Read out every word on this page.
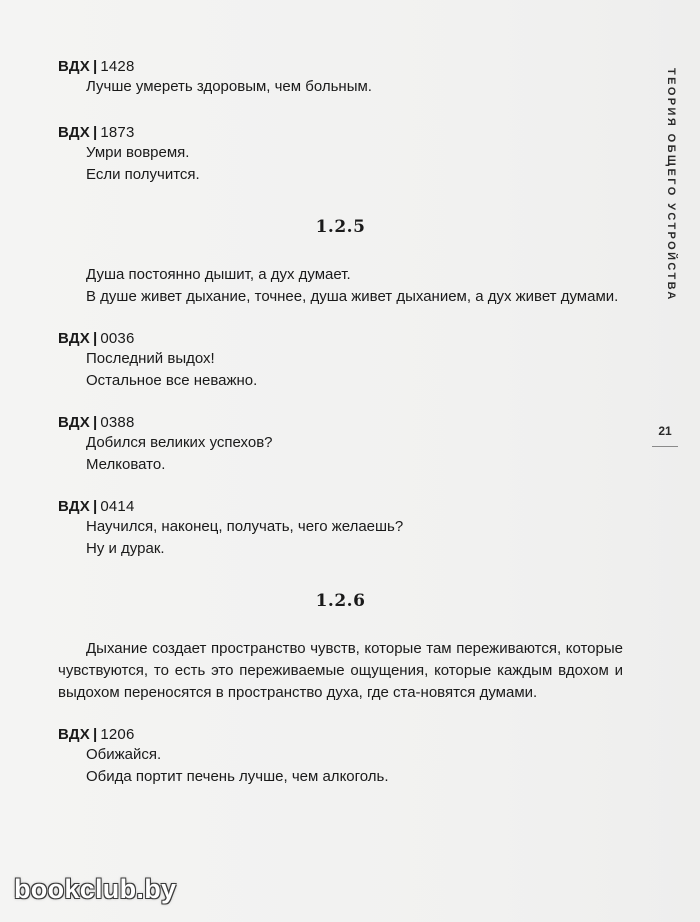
ВДХ | 1428
Лучше умереть здоровым, чем больным.
ВДХ | 1873
Умри вовремя.
Если получится.
1.2.5
Душа постоянно дышит, а дух думает.
В душе живет дыхание, точнее, душа живет дыханием, а дух живет думами.
ВДХ | 0036
Последний выдох!
Остальное все неважно.
ВДХ | 0388
Добился великих успехов?
Мелковато.
ВДХ | 0414
Научился, наконец, получать, чего желаешь?
Ну и дурак.
1.2.6
Дыхание создает пространство чувств, которые там переживаются, которые чувствуются, то есть это переживаемые ощущения, которые каждым вдохом и выдохом переносятся в пространство духа, где ста-новятся думами.
ВДХ | 1206
Обижайся.
Обида портит печень лучше, чем алкоголь.
ТЕОРИЯ ОБЩЕГО УСТРОЙСТВА
21
bookclub.by
